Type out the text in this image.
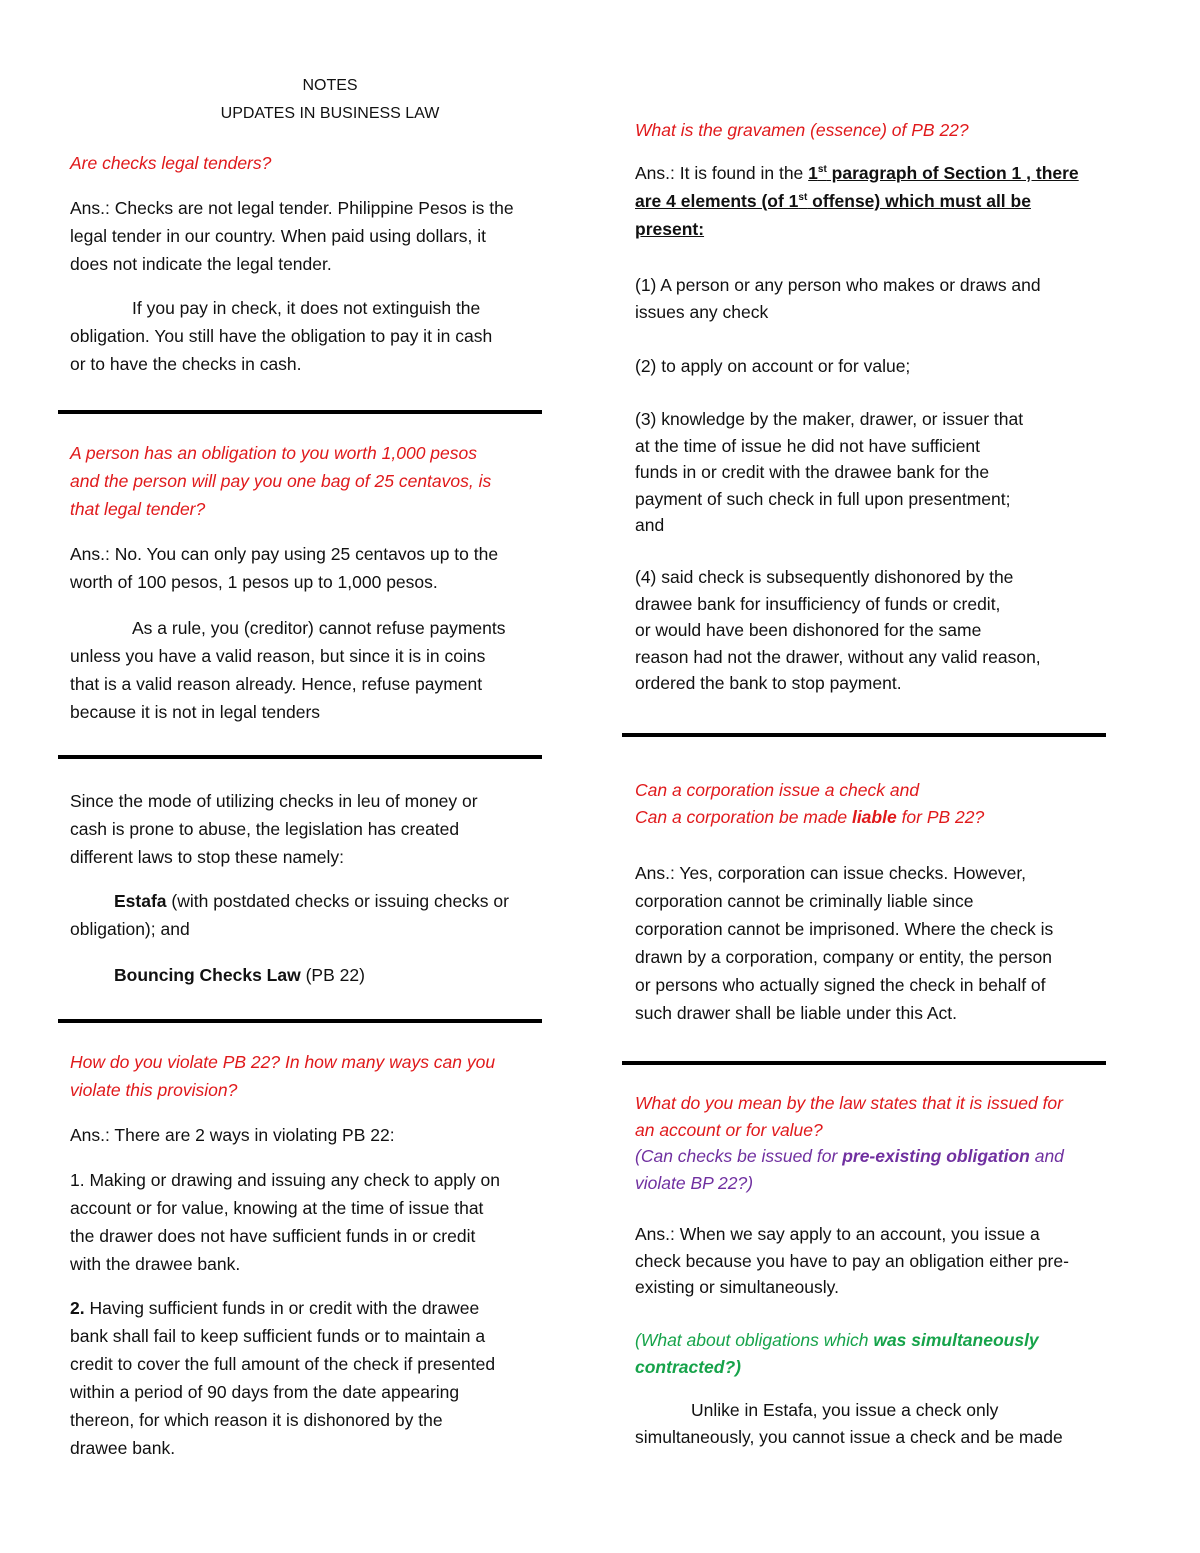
NOTES
UPDATES IN BUSINESS LAW
Are checks legal tenders?
Ans.: Checks are not legal tender. Philippine Pesos is the
legal tender in our country. When paid using dollars, it
does not indicate the legal tender.
If you pay in check, it does not extinguish the
obligation. You still have the obligation to pay it in cash
or to have the checks in cash.
A person has an obligation to you worth 1,000 pesos
and the person will pay you one bag of 25 centavos, is
that legal tender?
Ans.: No. You can only pay using 25 centavos up to the
worth of 100 pesos, 1 pesos up to 1,000 pesos.
As a rule, you (creditor) cannot refuse payments
unless you have a valid reason, but since it is in coins
that is a valid reason already. Hence, refuse payment
because it is not in legal tenders
Since the mode of utilizing checks in leu of money or
cash is prone to abuse, the legislation has created
different laws to stop these namely:
Estafa (with postdated checks or issuing checks or
obligation); and
Bouncing Checks Law (PB 22)
How do you violate PB 22? In how many ways can you
violate this provision?
Ans.: There are 2 ways in violating PB 22:
1. Making or drawing and issuing any check to apply on
account or for value, knowing at the time of issue that
the drawer does not have sufficient funds in or credit
with the drawee bank.
2. Having sufficient funds in or credit with the drawee
bank shall fail to keep sufficient funds or to maintain a
credit to cover the full amount of the check if presented
within a period of 90 days from the date appearing
thereon, for which reason it is dishonored by the
drawee bank.
What is the gravamen (essence) of PB 22?
Ans.: It is found in the 1st paragraph of Section 1 , there
are 4 elements (of 1st offense) which must all be
present:
(1) A person or any person who makes or draws and
issues any check
(2) to apply on account or for value;
(3) knowledge by the maker, drawer, or issuer that
at the time of issue he did not have sufficient
funds in or credit with the drawee bank for the
payment of such check in full upon presentment;
and
(4) said check is subsequently dishonored by the
drawee bank for insufficiency of funds or credit,
or would have been dishonored for the same
reason had not the drawer, without any valid reason,
ordered the bank to stop payment.
Can a corporation issue a check and
Can a corporation be made liable for PB 22?
Ans.: Yes, corporation can issue checks. However,
corporation cannot be criminally liable since
corporation cannot be imprisoned. Where the check is
drawn by a corporation, company or entity, the person
or persons who actually signed the check in behalf of
such drawer shall be liable under this Act.
What do you mean by the law states that it is issued for
an account or for value?
(Can checks be issued for pre-existing obligation and
violate BP 22?)
Ans.: When we say apply to an account, you issue a
check because you have to pay an obligation either pre-
existing or simultaneously.
(What about obligations which was simultaneously
contracted?)
Unlike in Estafa, you issue a check only
simultaneously, you cannot issue a check and be made
